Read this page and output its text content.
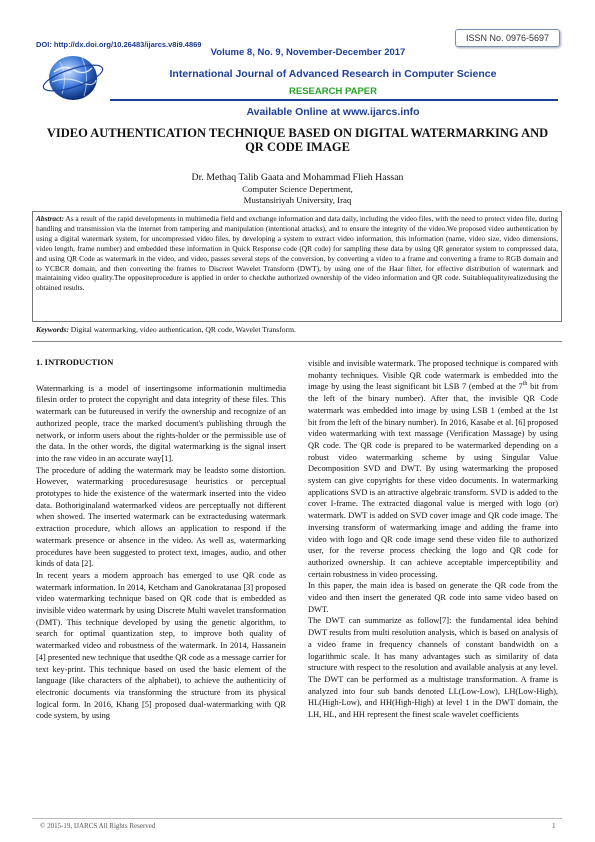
DOI: http://dx.doi.org/10.26483/ijarcs.v8i9.4869
ISSN No. 0976-5697
Volume 8, No. 9, November-December 2017
International Journal of Advanced Research in Computer Science
RESEARCH PAPER
Available Online at www.ijarcs.info
VIDEO AUTHENTICATION TECHNIQUE BASED ON DIGITAL WATERMARKING AND QR CODE IMAGE
Dr. Methaq Talib Gaata and Mohammad Flieh Hassan
Computer Science Depertment,
Mustansiriyah University, Iraq
Abstract: As a result of the rapid developments in multimedia field and exchange information and data daily, including the video files, with the need to protect video file, during handling and transmission via the internet from tampering and manipulation (intentional attacks), and to ensure the integrity of the video.We proposed video authentication by using a digital watermark system, for uncompressed video files, by developing a system to extract video information, this information (name, video size, video dimensions, video length, frame number) and embedded these information in Quick Response code (QR code) for sampling these data by using QR generator system to compressed data, and using QR Code as watermark in the video, and video, passes several steps of the conversion, by converting a video to a frame and converting a frame to RGB domain and to YCBCR domain, and then converting the frames to Discreet Wavelet Transform (DWT), by using one of the Haar filter, for effective distribution of watermark and maintaining video quality.The oppositeprocedure is applied in order to checkthe authorized ownership of the video information and QR code. Suitablequalityrealizedusing the obtained results.
Keywords: Digital watermarking, video authentication, QR code, Wavelet Transform.

1. INTRODUCTION

Watermarking is a model of insertingsome informationin multimedia filesin order to protect the copyright and data integrity of these files. This watermark can be futureused in verify the ownership and recognize of an authorized people, trace the marked document's publishing through the network, or inform users about the rights-holder or the permissible use of the data. In the other words, the digital watermarking is the signal insert into the raw video in an accurate way[1].

The procedure of adding the watermark may be leadsto some distortion. However, watermarking proceduresusage heuristics or perceptual prototypes to hide the existence of the watermark inserted into the video data. Bothoriginaland watermarked videos are perceptually not different when showed. The inserted watermark can be extractedusing watermark extraction procedure, which allows an application to respond if the watermark presence or absence in the video. As well as, watermarking procedures have been suggested to protect text, images, audio, and other kinds of data [2].

In recent years a modern approach has emerged to use QR code as watermark information. In 2014, Ketcham and Ganokratanaa [3] proposed video watermarking technique based on QR code that is embedded as invisible video watermark by using Discrete Multi wavelet transformation (DMT). This technique developed by using the genetic algorithm, to search for optimal quantization step, to improve both quality of watermarked video and robustness of the watermark. In 2014, Hassanein [4] presented new technique that usedthe QR code as a message carrier for text key-print. This technique based on used the basic element of the language (like characters of the alphabet), to achieve the authenticity of electronic documents via transforming the structure from its physical logical form. In 2016, Khang [5] proposed dual-watermarking with QR code system, by using

visible and invisible watermark. The proposed technique is compared with mohanty techniques. Visible QR code watermark is embedded into the image by using the least significant bit LSB 7 (embed at the 7th bit from the left of the binary number). After that, the invisible QR Code watermark was embedded into image by using LSB 1 (embed at the 1st bit from the left of the binary number). In 2016, Kasabe et al. [6] proposed video watermarking with text massage (Verification Massage) by using QR code. The QR code is prepared to be watermarked depending on a robust video watermarking scheme by using Singular Value Decomposition SVD and DWT. By using watermarking the proposed system can give copyrights for these video documents. In watermarking applications SVD is an attractive algebraic transform. SVD is added to the cover I-frame. The extracted diagonal value is merged with logo (or) watermark. DWT is added on SVD cover image and QR code image. The inversing transform of watermarking image and adding the frame into video with logo and QR code image send these video file to authorized user, for the reverse process checking the logo and QR code for authorized ownership. It can achieve acceptable imperceptibility and certain robustness in video processing.

In this paper, the main idea is based on generate the QR code from the video and then insert the generated QR code into same video based on DWT.

The DWT can summarize as follow[7]: the fundamental idea behind DWT results from multi resolution analysis, which is based on analysis of a video frame in frequency channels of constant bandwidth on a logarithmic scale. It has many advantages such as similarity of data structure with respect to the resolution and available analysis at any level. The DWT can be performed as a multistage transformation. A frame is analyzed into four sub bands denoted LL(Low-Low), LH(Low-High), HL(High-Low), and HH(High-High) at level 1 in the DWT domain, the LH, HL, and HH represent the finest scale wavelet coefficients

© 2015-19, IJARCS All Rights Reserved	1
